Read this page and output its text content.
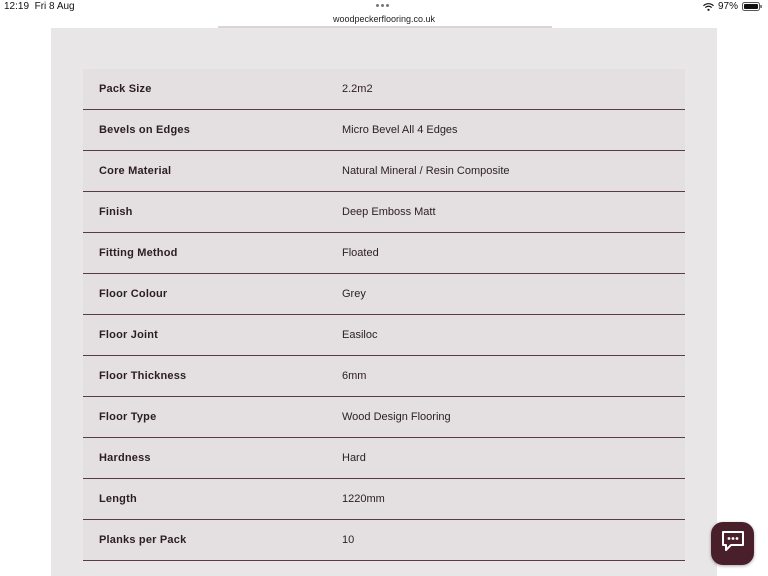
12:19 Fri 8 Aug	97%
woodpeckerflooring.co.uk
Pack Size	2.2m2
Bevels on Edges	Micro Bevel All 4 Edges
Core Material	Natural Mineral / Resin Composite
Finish	Deep Emboss Matt
Fitting Method	Floated
Floor Colour	Grey
Floor Joint	Easiloc
Floor Thickness	6mm
Floor Type	Wood Design Flooring
Hardness	Hard
Length	1220mm
Planks per Pack	10
